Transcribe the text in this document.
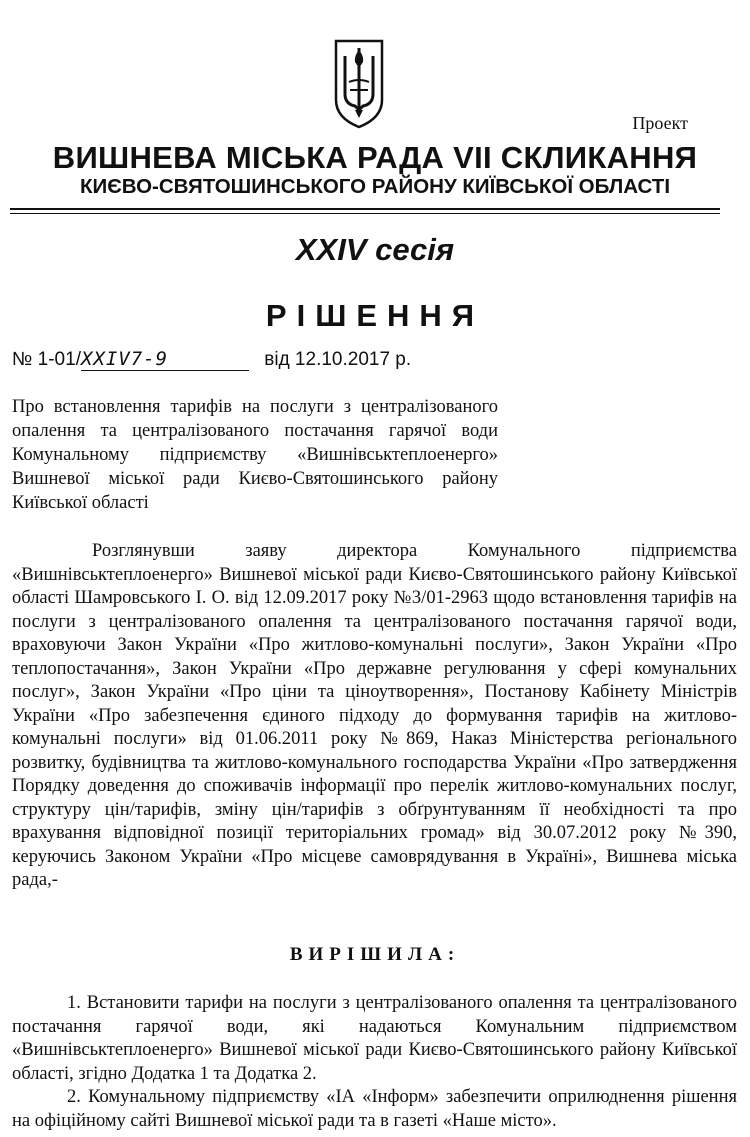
Проект
ВИШНЕВА МІСЬКА РАДА VII СКЛИКАННЯ
КИЄВО-СВЯТОШИНСЬКОГО РАЙОНУ КИЇВСЬКОЇ ОБЛАСТІ
XXIV сесія
РІШЕННЯ
№ 1-01/XXIV7-9	від 12.10.2017 р.
Про встановлення тарифів на послуги з централізованого опалення та централізованого постачання гарячої води Комунальному підприємству «Вишнівськтеплоенерго» Вишневої міської ради Києво-Святошинського району Київської області

Розглянувши заяву директора Комунального підприємства «Вишнівськтеплоенерго» Вишневої міської ради Києво-Святошинського району Київської області Шамровського І. О. від 12.09.2017 року №3/01-2963 щодо встановлення тарифів на послуги з централізованого опалення та централізованого постачання гарячої води, враховуючи Закон України «Про житлово-комунальні послуги», Закон України «Про теплопостачання», Закон України «Про державне регулювання у сфері комунальних послуг», Закон України «Про ціни та ціноутворення», Постанову Кабінету Міністрів України «Про забезпечення єдиного підходу до формування тарифів на житлово-комунальні послуги» від 01.06.2011 року №869, Наказ Міністерства регіонального розвитку, будівництва та житлово-комунального господарства України «Про затвердження Порядку доведення до споживачів інформації про перелік житлово-комунальних послуг, структуру цін/тарифів, зміну цін/тарифів з обґрунтуванням її необхідності та про врахування відповідної позиції територіальних громад» від 30.07.2012 року №390, керуючись Законом України «Про місцеве самоврядування в Україні», Вишнева міська рада,-

ВИРІШИЛА:

1. Встановити тарифи на послуги з централізованого опалення та централізованого постачання гарячої води, які надаються Комунальним підприємством «Вишнівськтеплоенерго» Вишневої міської ради Києво-Святошинського району Київської області, згідно Додатка 1 та Додатка 2.

2. Комунальному підприємству «ІА «Інформ» забезпечити оприлюднення рішення на офіційному сайті Вишневої міської ради та в газеті «Наше місто».
